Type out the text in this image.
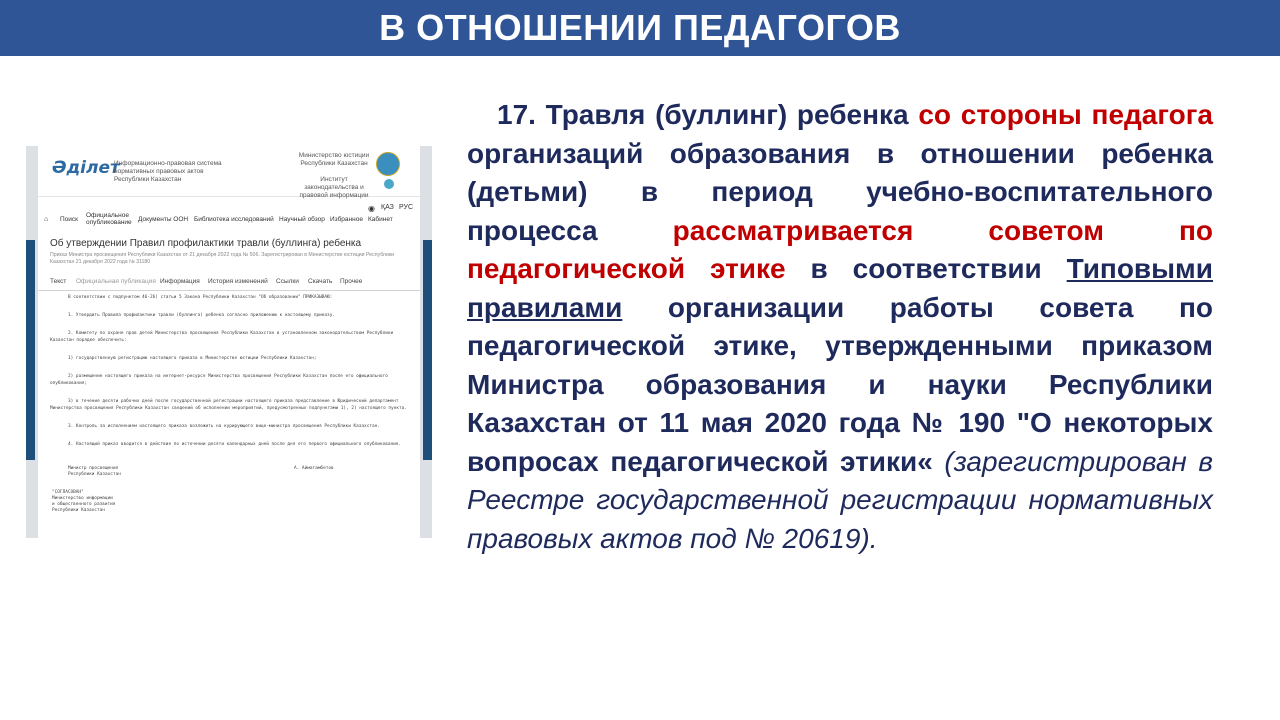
В ОТНОШЕНИИ ПЕДАГОГОВ
Әділет
Информационно-правовая система нормативных правовых актов Республики Казахстан
Министерство юстиции Республики Казахстан
Институт законодательства и правовой информации
◉ ҚАЗ РУС
⌂ Поиск
Официальное опубликование Документы ООН Библиотека исследований Научный обзор Избранное Кабинет
Об утверждении Правил профилактики травли (буллинга) ребенка
Приказ Министра просвещения Республики Казахстан от 21 декабря 2022 года № 506. Зарегистрирован в Министерстве юстиции Республики Казахстан 21 декабря 2022 года № 31180
Текст Официальная публикация Информация История изменений Ссылки Скачать Прочее

В соответствии с подпунктом 46-26) статьи 5 Закона Республики Казахстан "Об образовании" ПРИКАЗЫВАЮ:

1. Утвердить Правила профилактики травли (буллинга) ребенка согласно приложению к настоящему приказу.

2. Комитету по охране прав детей Министерства просвещения Республики Казахстан в установленном законодательством Республики Казахстан порядке обеспечить:

1) государственную регистрацию настоящего приказа в Министерстве юстиции Республики Казахстан;

2) размещение настоящего приказа на интернет-ресурсе Министерства просвещения Республики Казахстан после его официального опубликования;

3) в течение десяти рабочих дней после государственной регистрации настоящего приказа представление в Юридический департамент Министерства просвещения Республики Казахстан сведений об исполнении мероприятий, предусмотренных подпунктами 1), 2) настоящего пункта.

3. Контроль за исполнением настоящего приказа возложить на курирующего вице-министра просвещения Республики Казахстан.

4. Настоящий приказ вводится в действие по истечении десяти календарных дней после дня его первого официального опубликования.

Министр просвещения
Республики Казахстан
А. Аймагамбетов
"СОГЛАСОВАН"
Министерство информации
и общественного развития
Республики Казахстан
17. Травля (буллинг) ребенка со стороны педагога организаций образования в отношении ребенка (детьми) в период учебно-воспитательного процесса рассматривается советом по педагогической этике в соответствии Типовыми правилами организации работы совета по педагогической этике, утвержденными приказом Министра образования и науки Республики Казахстан от 11 мая 2020 года № 190 "О некоторых вопросах педагогической этики« (зарегистрирован в Реестре государственной регистрации нормативных правовых актов под № 20619).
